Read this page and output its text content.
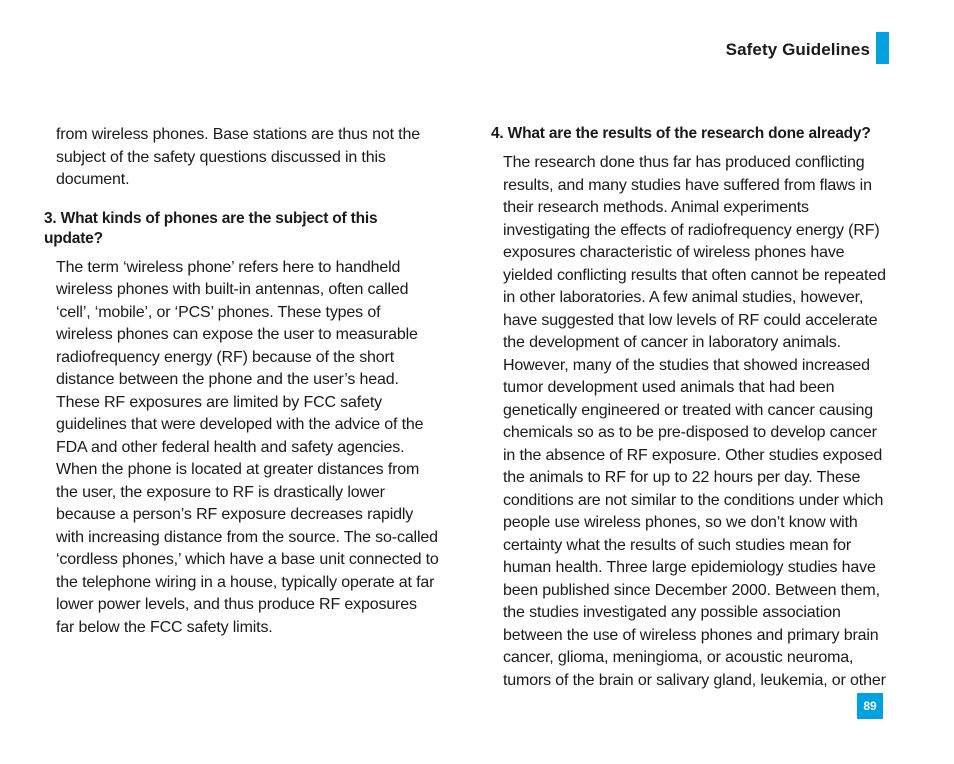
Safety Guidelines

from wireless phones. Base stations are thus not the subject of the safety questions discussed in this document.

3. What kinds of phones are the subject of this update?

The term ‘wireless phone’ refers here to handheld wireless phones with built-in antennas, often called ‘cell’, ‘mobile’, or ‘PCS’ phones. These types of wireless phones can expose the user to measurable radiofrequency energy (RF) because of the short distance between the phone and the user’s head. These RF exposures are limited by FCC safety guidelines that were developed with the advice of the FDA and other federal health and safety agencies. When the phone is located at greater distances from the user, the exposure to RF is drastically lower because a person’s RF exposure decreases rapidly with increasing distance from the source. The so-called ‘cordless phones,’ which have a base unit connected to the telephone wiring in a house, typically operate at far lower power levels, and thus produce RF exposures far below the FCC safety limits.

4. What are the results of the research done already?

The research done thus far has produced conflicting results, and many studies have suffered from flaws in their research methods. Animal experiments investigating the effects of radiofrequency energy (RF) exposures characteristic of wireless phones have yielded conflicting results that often cannot be repeated in other laboratories. A few animal studies, however, have suggested that low levels of RF could accelerate the development of cancer in laboratory animals. However, many of the studies that showed increased tumor development used animals that had been genetically engineered or treated with cancer causing chemicals so as to be pre-disposed to develop cancer in the absence of RF exposure. Other studies exposed the animals to RF for up to 22 hours per day. These conditions are not similar to the conditions under which people use wireless phones, so we don’t know with certainty what the results of such studies mean for human health. Three large epidemiology studies have been published since December 2000. Between them, the studies investigated any possible association between the use of wireless phones and primary brain cancer, glioma, meningioma, or acoustic neuroma, tumors of the brain or salivary gland, leukemia, or other

89
